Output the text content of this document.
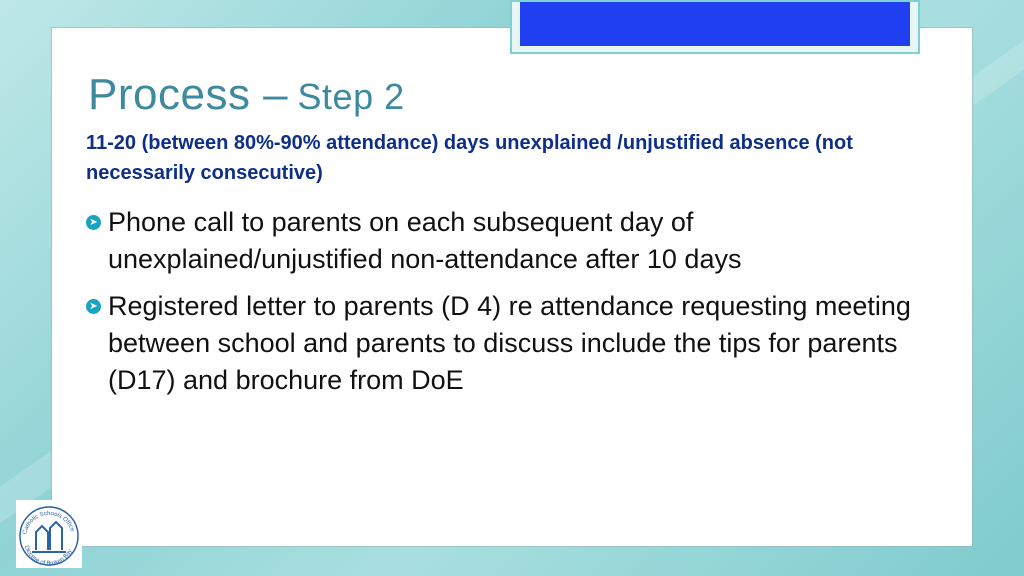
Process – Step 2

11-20 (between 80%-90% attendance) days unexplained /unjustified absence (not necessarily consecutive)

➤ Phone call to parents on each subsequent day of unexplained/unjustified non-attendance after 10 days
➤ Registered letter to parents (D 4) re attendance requesting meeting between school and parents to discuss include the tips for parents (D17) and brochure from DoE
Catholic Schools Office
Diocese of Broken Bay
